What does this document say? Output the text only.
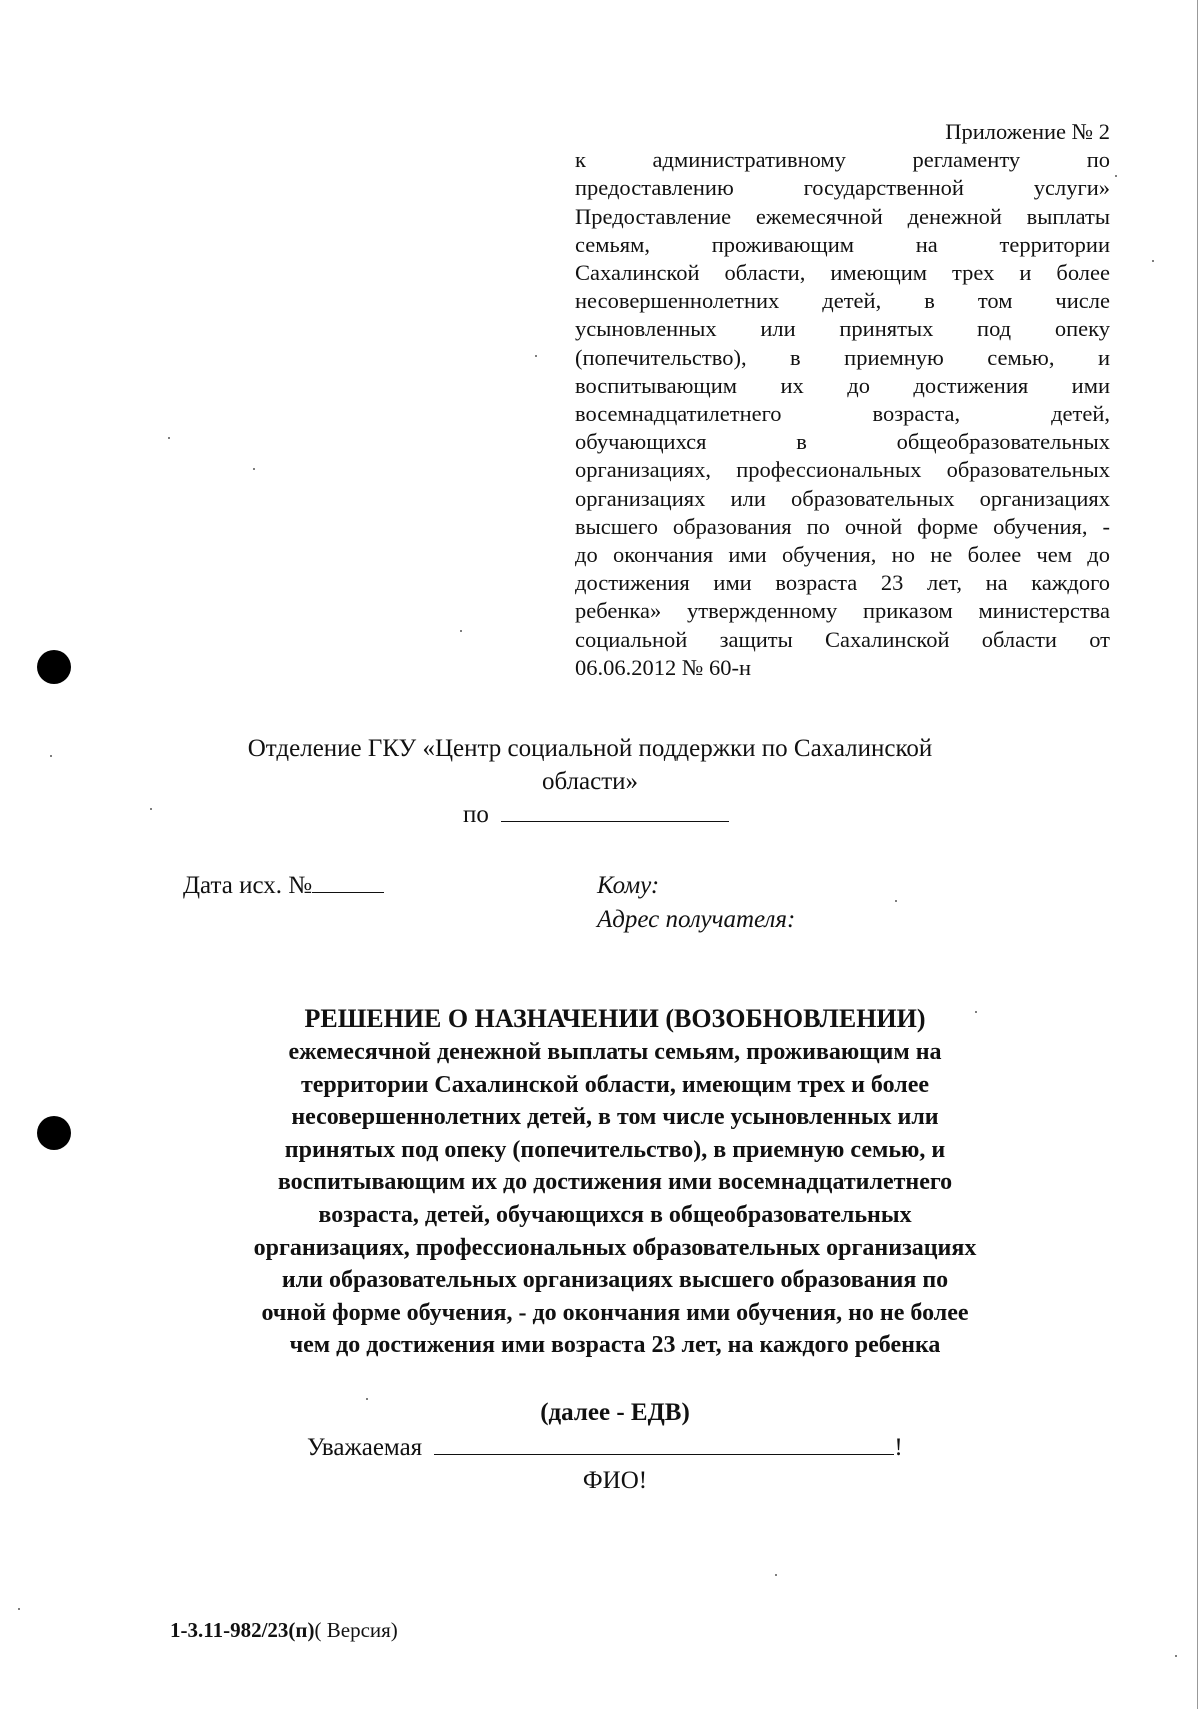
Приложение № 2
к административному регламенту по
предоставлению государственной услуги»
Предоставление ежемесячной денежной выплаты
семьям, проживающим на территории
Сахалинской области, имеющим трех и более
несовершеннолетних детей, в том числе
усыновленных или принятых под опеку
(попечительство), в приемную семью, и
воспитывающим их до достижения ими
восемнадцатилетнего возраста, детей,
обучающихся в общеобразовательных
организациях, профессиональных образовательных
организациях или образовательных организациях
высшего образования по очной форме обучения, -
до окончания ими обучения, но не более чем до
достижения ими возраста 23 лет, на каждого
ребенка» утвержденному приказом министерства
социальной защиты Сахалинской области от
06.06.2012 № 60-н
Отделение ГКУ «Центр социальной поддержки по Сахалинской
области»
по
Дата исх. №	Кому:
Адрес получателя:
РЕШЕНИЕ О НАЗНАЧЕНИИ (ВОЗОБНОВЛЕНИИ)
ежемесячной денежной выплаты семьям, проживающим на
территории Сахалинской области, имеющим трех и более
несовершеннолетних детей, в том числе усыновленных или
принятых под опеку (попечительство), в приемную семью, и
воспитывающим их до достижения ими восемнадцатилетнего
возраста, детей, обучающихся в общеобразовательных
организациях, профессиональных образовательных организациях
или образовательных организациях высшего образования по
очной форме обучения, - до окончания ими обучения, но не более
чем до достижения ими возраста 23 лет, на каждого ребенка
(далее - ЕДВ)
Уважаемая	!
ФИО!
1-3.11-982/23(п)( Версия)
